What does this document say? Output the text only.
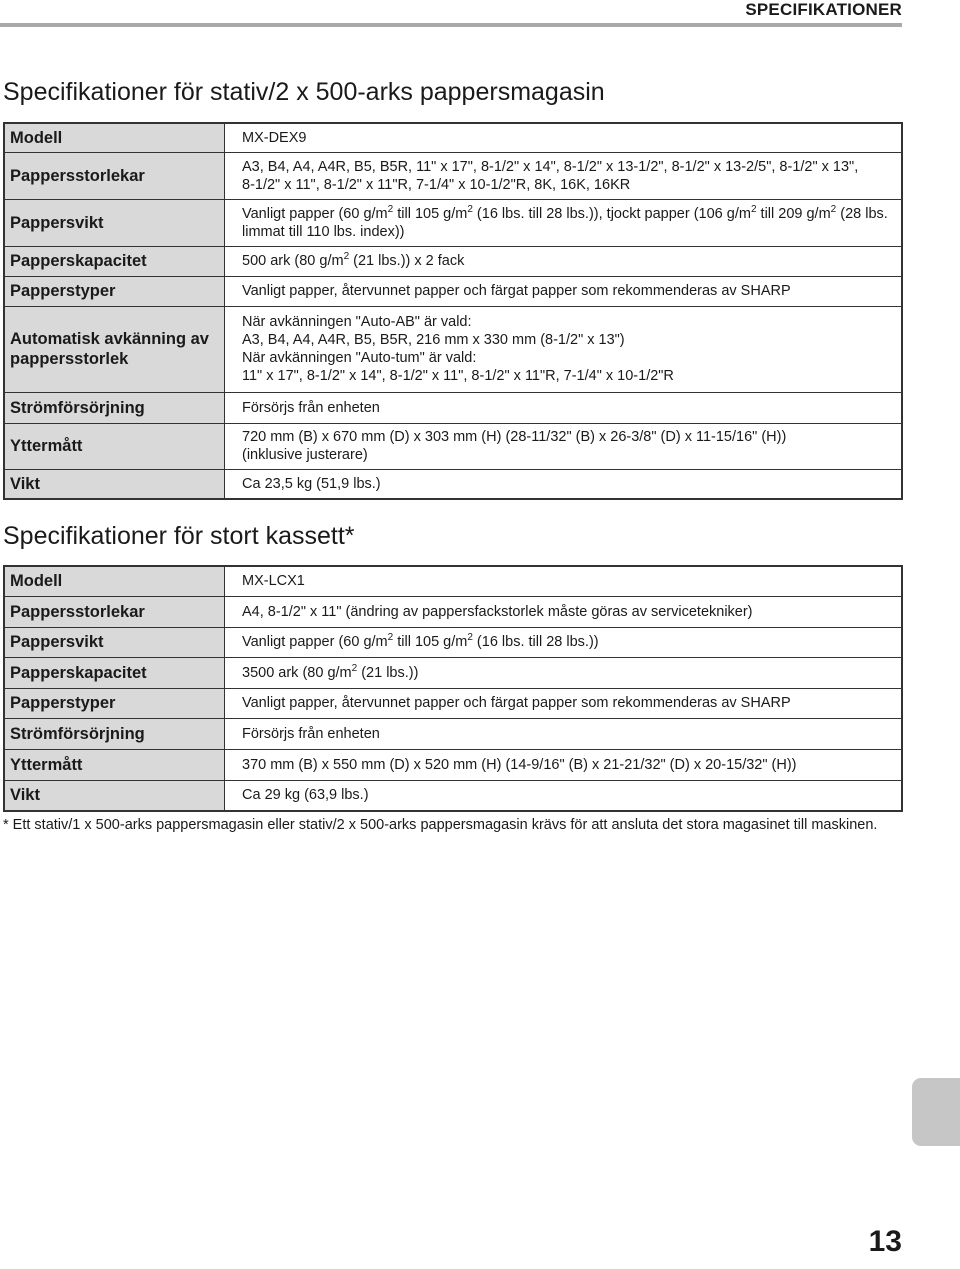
SPECIFIKATIONER
Specifikationer för stativ/2 x 500-arks pappersmagasin
Modell	MX-DEX9

Pappersstorlekar	A3, B4, A4, A4R, B5, B5R, 11" x 17", 8-1/2" x 14", 8-1/2" x 13-1/2", 8-1/2" x 13-2/5", 8-1/2" x 13",
8-1/2" x 11", 8-1/2" x 11"R, 7-1/4" x 10-1/2"R, 8K, 16K, 16KR

Pappersvikt	Vanligt papper (60 $g/m^2$ till 105 $g/m^2$ (16 lbs. till 28 lbs.)), tjockt papper (106 $g/m^2$ till 209 $g/m^2$ (28 lbs.
limmat till 110 lbs. index))

Papperskapacitet	500 ark (80 $g/m^2$ (21 lbs.)) x 2 fack
Papperstyper	Vanligt papper, återvunnet papper och färgat papper som rekommenderas av SHARP

Automatisk avkänning av pappersstorlek	När avkänningen "Auto-AB" är vald:
A3, B4, A4, A4R, B5, B5R, 216 mm x 330 mm (8-1/2" x 13")
När avkänningen "Auto-tum" är vald:
11" x 17", 8-1/2" x 14", 8-1/2" x 11", 8-1/2" x 11"R, 7-1/4" x 10-1/2"R

Strömförsörjning	Försörjs från enheten

Yttermått	720 mm (B) x 670 mm (D) x 303 mm (H) (28-11/32" (B) x 26-3/8" (D) x 11-15/16" (H))
(inklusive justerare)

Vikt	Ca 23,5 kg (51,9 lbs.)
Specifikationer för stort kassett*
Modell	MX-LCX1

Pappersstorlekar	A4, 8-1/2" x 11" (ändring av pappersfackstorlek måste göras av servicetekniker)

Pappersvikt	Vanligt papper (60 $g/m^2$ till 105 $g/m^2$ (16 lbs. till 28 lbs.))
Papperskapacitet	3500 ark (80 $g/m^2$ (21 lbs.))
Papperstyper	Vanligt papper, återvunnet papper och färgat papper som rekommenderas av SHARP

Strömförsörjning	Försörjs från enheten

Yttermått	370 mm (B) x 550 mm (D) x 520 mm (H) (14-9/16" (B) x 21-21/32" (D) x 20-15/32" (H))

Vikt	Ca 29 kg (63,9 lbs.)

* Ett stativ/1 x 500-arks pappersmagasin eller stativ/2 x 500-arks pappersmagasin krävs för att ansluta det stora magasinet till maskinen.

13
